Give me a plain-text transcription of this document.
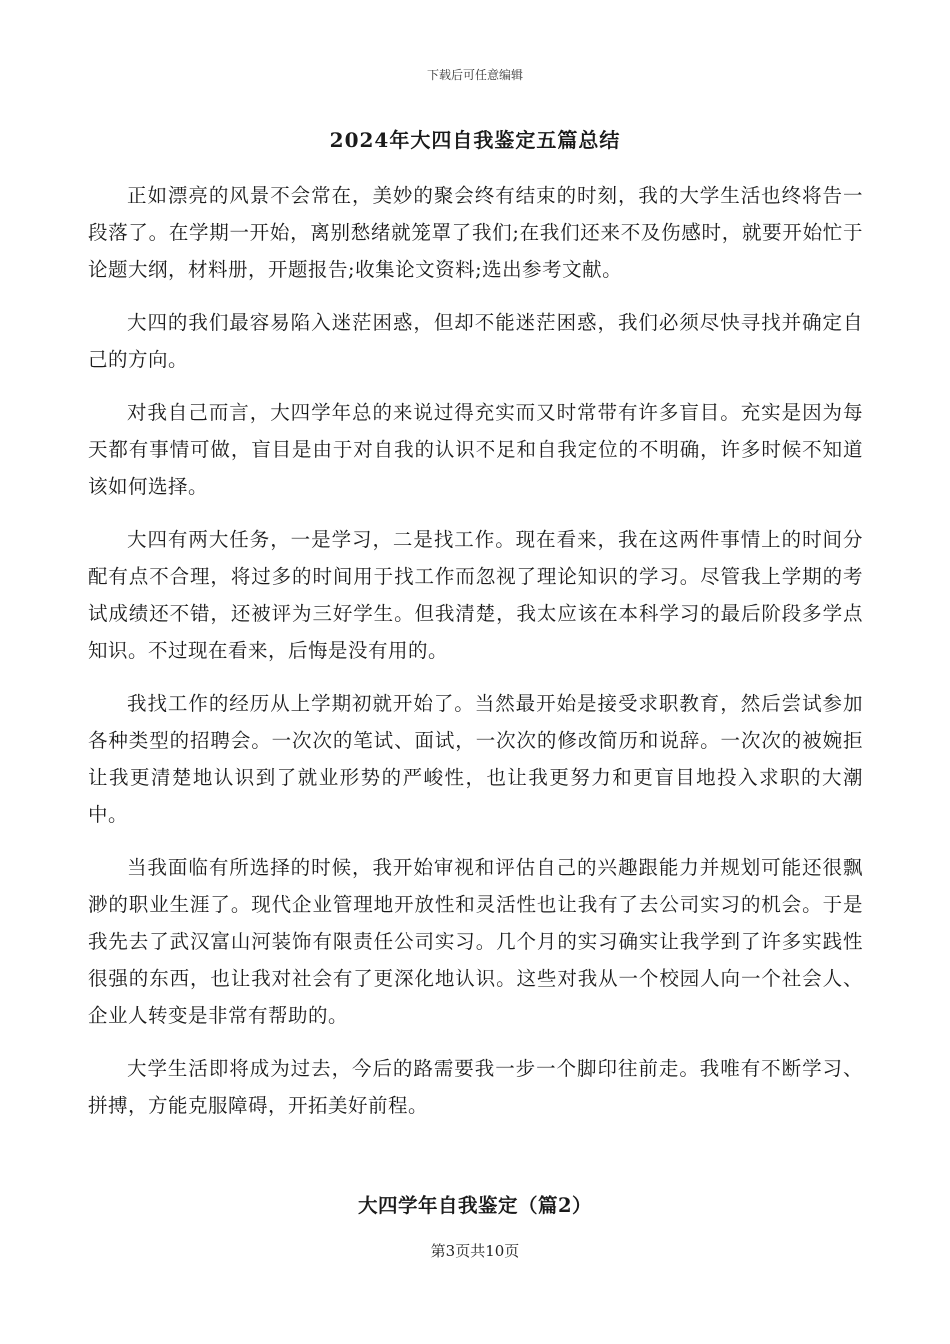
下载后可任意编辑
2024年大四自我鉴定五篇总结

正如漂亮的风景不会常在，美妙的聚会终有结束的时刻，我的大学生活也终将告一段落了。在学期一开始，离别愁绪就笼罩了我们;在我们还来不及伤感时，就要开始忙于论题大纲，材料册，开题报告;收集论文资料;选出参考文献。

大四的我们最容易陷入迷茫困惑，但却不能迷茫困惑，我们必须尽快寻找并确定自己的方向。

对我自己而言，大四学年总的来说过得充实而又时常带有许多盲目。充实是因为每天都有事情可做，盲目是由于对自我的认识不足和自我定位的不明确，许多时候不知道该如何选择。

大四有两大任务，一是学习，二是找工作。现在看来，我在这两件事情上的时间分配有点不合理，将过多的时间用于找工作而忽视了理论知识的学习。尽管我上学期的考试成绩还不错，还被评为三好学生。但我清楚，我太应该在本科学习的最后阶段多学点知识。不过现在看来，后悔是没有用的。

我找工作的经历从上学期初就开始了。当然最开始是接受求职教育，然后尝试参加各种类型的招聘会。一次次的笔试、面试，一次次的修改简历和说辞。一次次的被婉拒让我更清楚地认识到了就业形势的严峻性，也让我更努力和更盲目地投入求职的大潮中。

当我面临有所选择的时候，我开始审视和评估自己的兴趣跟能力并规划可能还很飘渺的职业生涯了。现代企业管理地开放性和灵活性也让我有了去公司实习的机会。于是我先去了武汉富山河装饰有限责任公司实习。几个月的实习确实让我学到了许多实践性很强的东西，也让我对社会有了更深化地认识。这些对我从一个校园人向一个社会人、企业人转变是非常有帮助的。

大学生活即将成为过去，今后的路需要我一步一个脚印往前走。我唯有不断学习、拼搏，方能克服障碍，开拓美好前程。

大四学年自我鉴定（篇2）
第3页共10页
